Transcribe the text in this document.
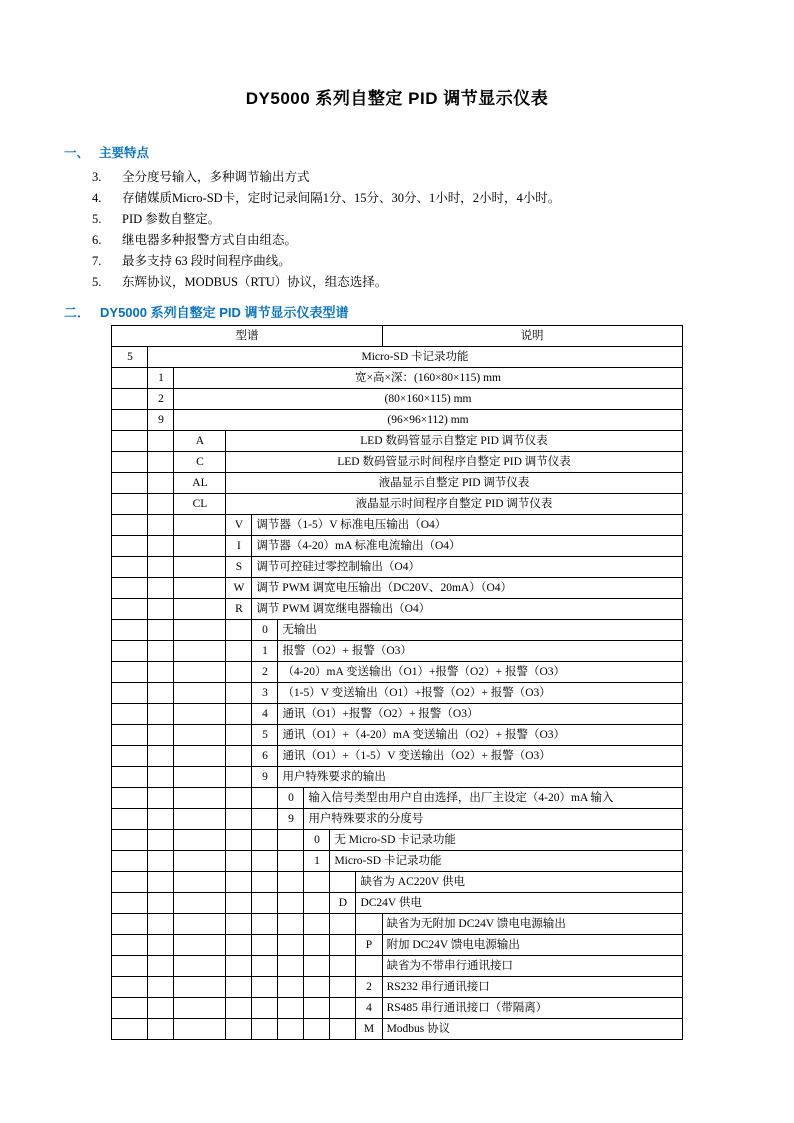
DY5000 系列自整定 PID 调节显示仪表
一、 主要特点
3.	全分度号输入，多种调节输出方式
4.	存储媒质Micro-SD卡，定时记录间隔1分、15分、30分、1小时，2小时，4小时。
5.	PID 参数自整定。
6.	继电器多种报警方式自由组态。
7.	最多支持 63 段时间程序曲线。
5.	东辉协议，MODBUS（RTU）协议，组态选择。
二． DY5000 系列自整定 PID 调节显示仪表型谱
型谱									说明
5	Micro-SD 卡记录功能								
	1	宽×高×深：(160×80×115) mm							
	2	(80×160×115) mm							
	9	(96×96×112) mm							
		A	LED 数码管显示自整定 PID 调节仪表						
		C	LED 数码管显示时间程序自整定 PID 调节仪表						
		AL	液晶显示自整定 PID 调节仪表						
		CL	液晶显示时间程序自整定 PID 调节仪表						
			V	调节器（1-5）V 标准电压输出（O4）					
			I	调节器（4-20）mA 标准电流输出（O4）					
			S	调节可控硅过零控制输出（O4）					
			W	调节 PWM 调宽电压输出（DC20V、20mA）（O4）					
			R	调节 PWM 调宽继电器输出（O4）					
				0	无输出				
				1	报警（O2）+ 报警（O3）				
				2	（4-20）mA 变送输出（O1）+报警（O2）+ 报警（O3）				
				3	（1-5）V 变送输出（O1）+报警（O2）+ 报警（O3）				
				4	通讯（O1）+报警（O2）+ 报警（O3）				
				5	通讯（O1）+（4-20）mA 变送输出（O2）+ 报警（O3）				
				6	通讯（O1）+（1-5）V 变送输出（O2）+ 报警（O3）				
				9	用户特殊要求的输出				
					0	输入信号类型由用户自由选择，出厂主设定（4-20）mA 输入			
					9	用户特殊要求的分度号			
						0	无 Micro-SD 卡记录功能		
						1	Micro-SD 卡记录功能		
								缺省为 AC220V 供电	
							D	DC24V 供电	
									缺省为无附加 DC24V 馈电电源输出
								P	附加 DC24V 馈电电源输出
									缺省为不带串行通讯接口
								2	RS232 串行通讯接口
								4	RS485 串行通讯接口（带隔离）
								M	Modbus 协议
